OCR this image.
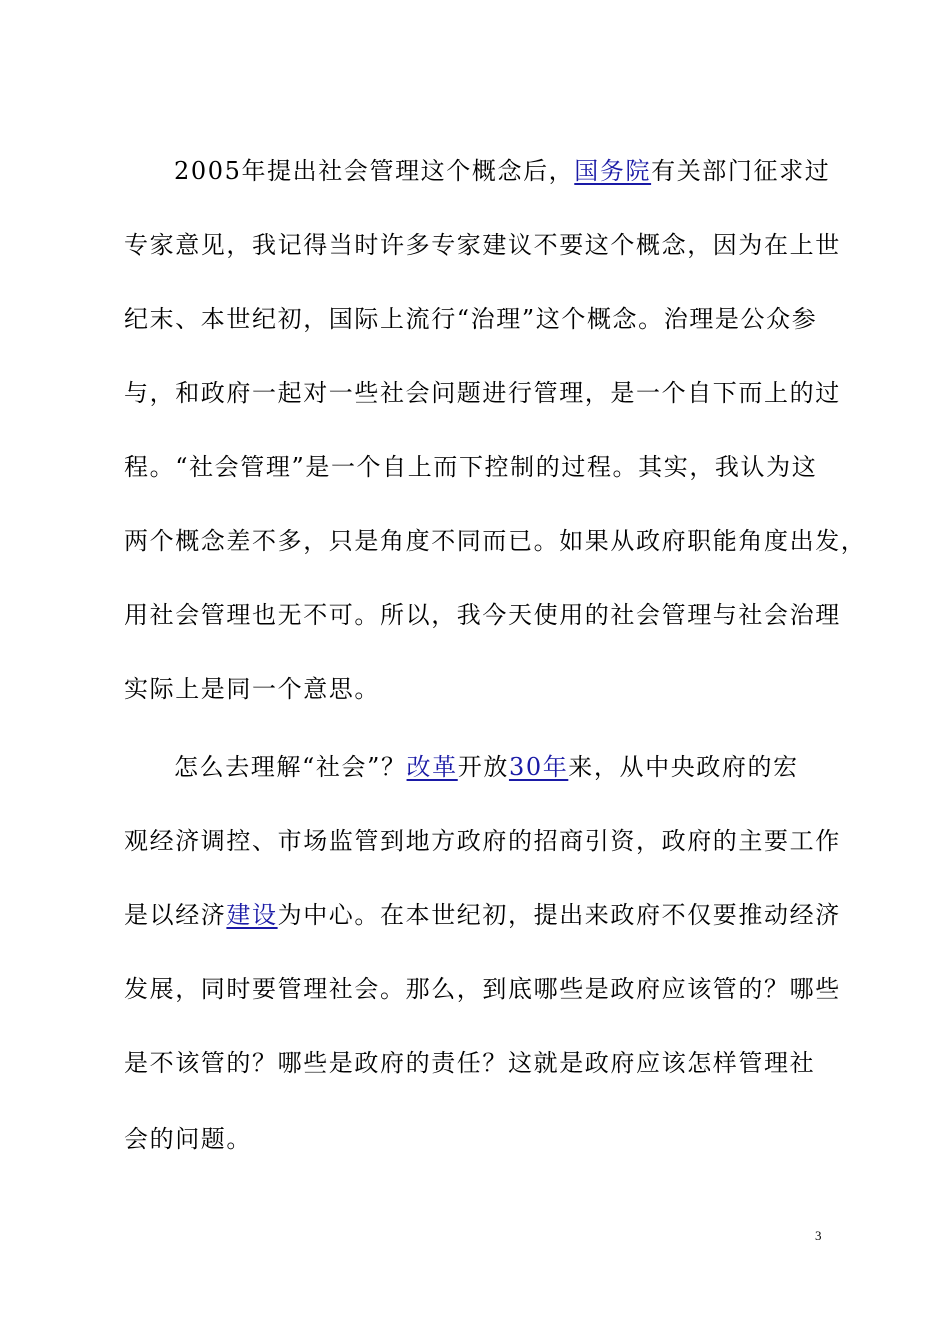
2005年提出社会管理这个概念后，国务院有关部门征求过
专家意见，我记得当时许多专家建议不要这个概念，因为在上世
纪末、本世纪初，国际上流行“治理”这个概念。治理是公众参
与，和政府一起对一些社会问题进行管理，是一个自下而上的过
程。“社会管理”是一个自上而下控制的过程。其实，我认为这
两个概念差不多，只是角度不同而已。如果从政府职能角度出发，
用社会管理也无不可。所以，我今天使用的社会管理与社会治理
实际上是同一个意思。
怎么去理解“社会”？改革开放30年来，从中央政府的宏
观经济调控、市场监管到地方政府的招商引资，政府的主要工作
是以经济建设为中心。在本世纪初，提出来政府不仅要推动经济
发展，同时要管理社会。那么，到底哪些是政府应该管的？哪些
是不该管的？哪些是政府的责任？这就是政府应该怎样管理社
会的问题。
3
